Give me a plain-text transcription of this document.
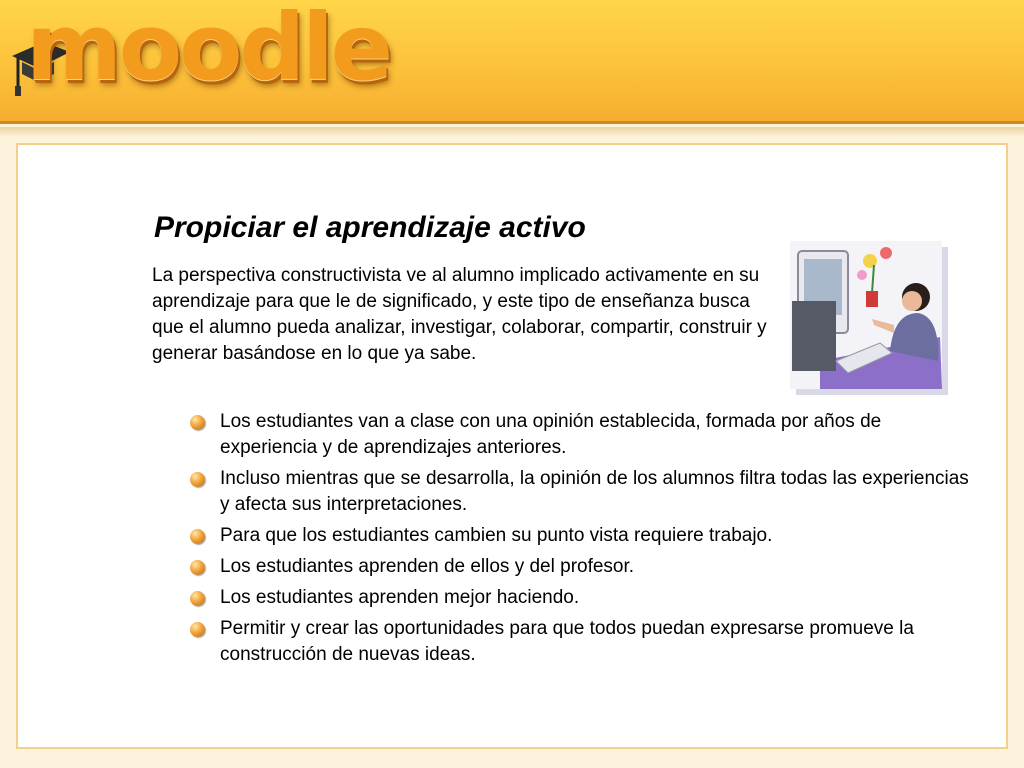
moodle
Propiciar el aprendizaje activo
La perspectiva constructivista ve al alumno implicado activamente en su aprendizaje para que le de significado, y este tipo de enseñanza busca que el alumno pueda analizar, investigar, colaborar, compartir, construir y generar basándose en lo que ya sabe.
Los estudiantes van a clase con una opinión establecida, formada por años de experiencia y de aprendizajes anteriores.
Incluso mientras que se desarrolla, la opinión de los alumnos filtra todas las experiencias y afecta sus interpretaciones.
Para que los estudiantes cambien su punto vista requiere trabajo.
Los estudiantes aprenden de ellos y del profesor.
Los estudiantes aprenden mejor haciendo.
Permitir y crear las oportunidades para que todos puedan expresarse promueve la construcción de nuevas ideas.
